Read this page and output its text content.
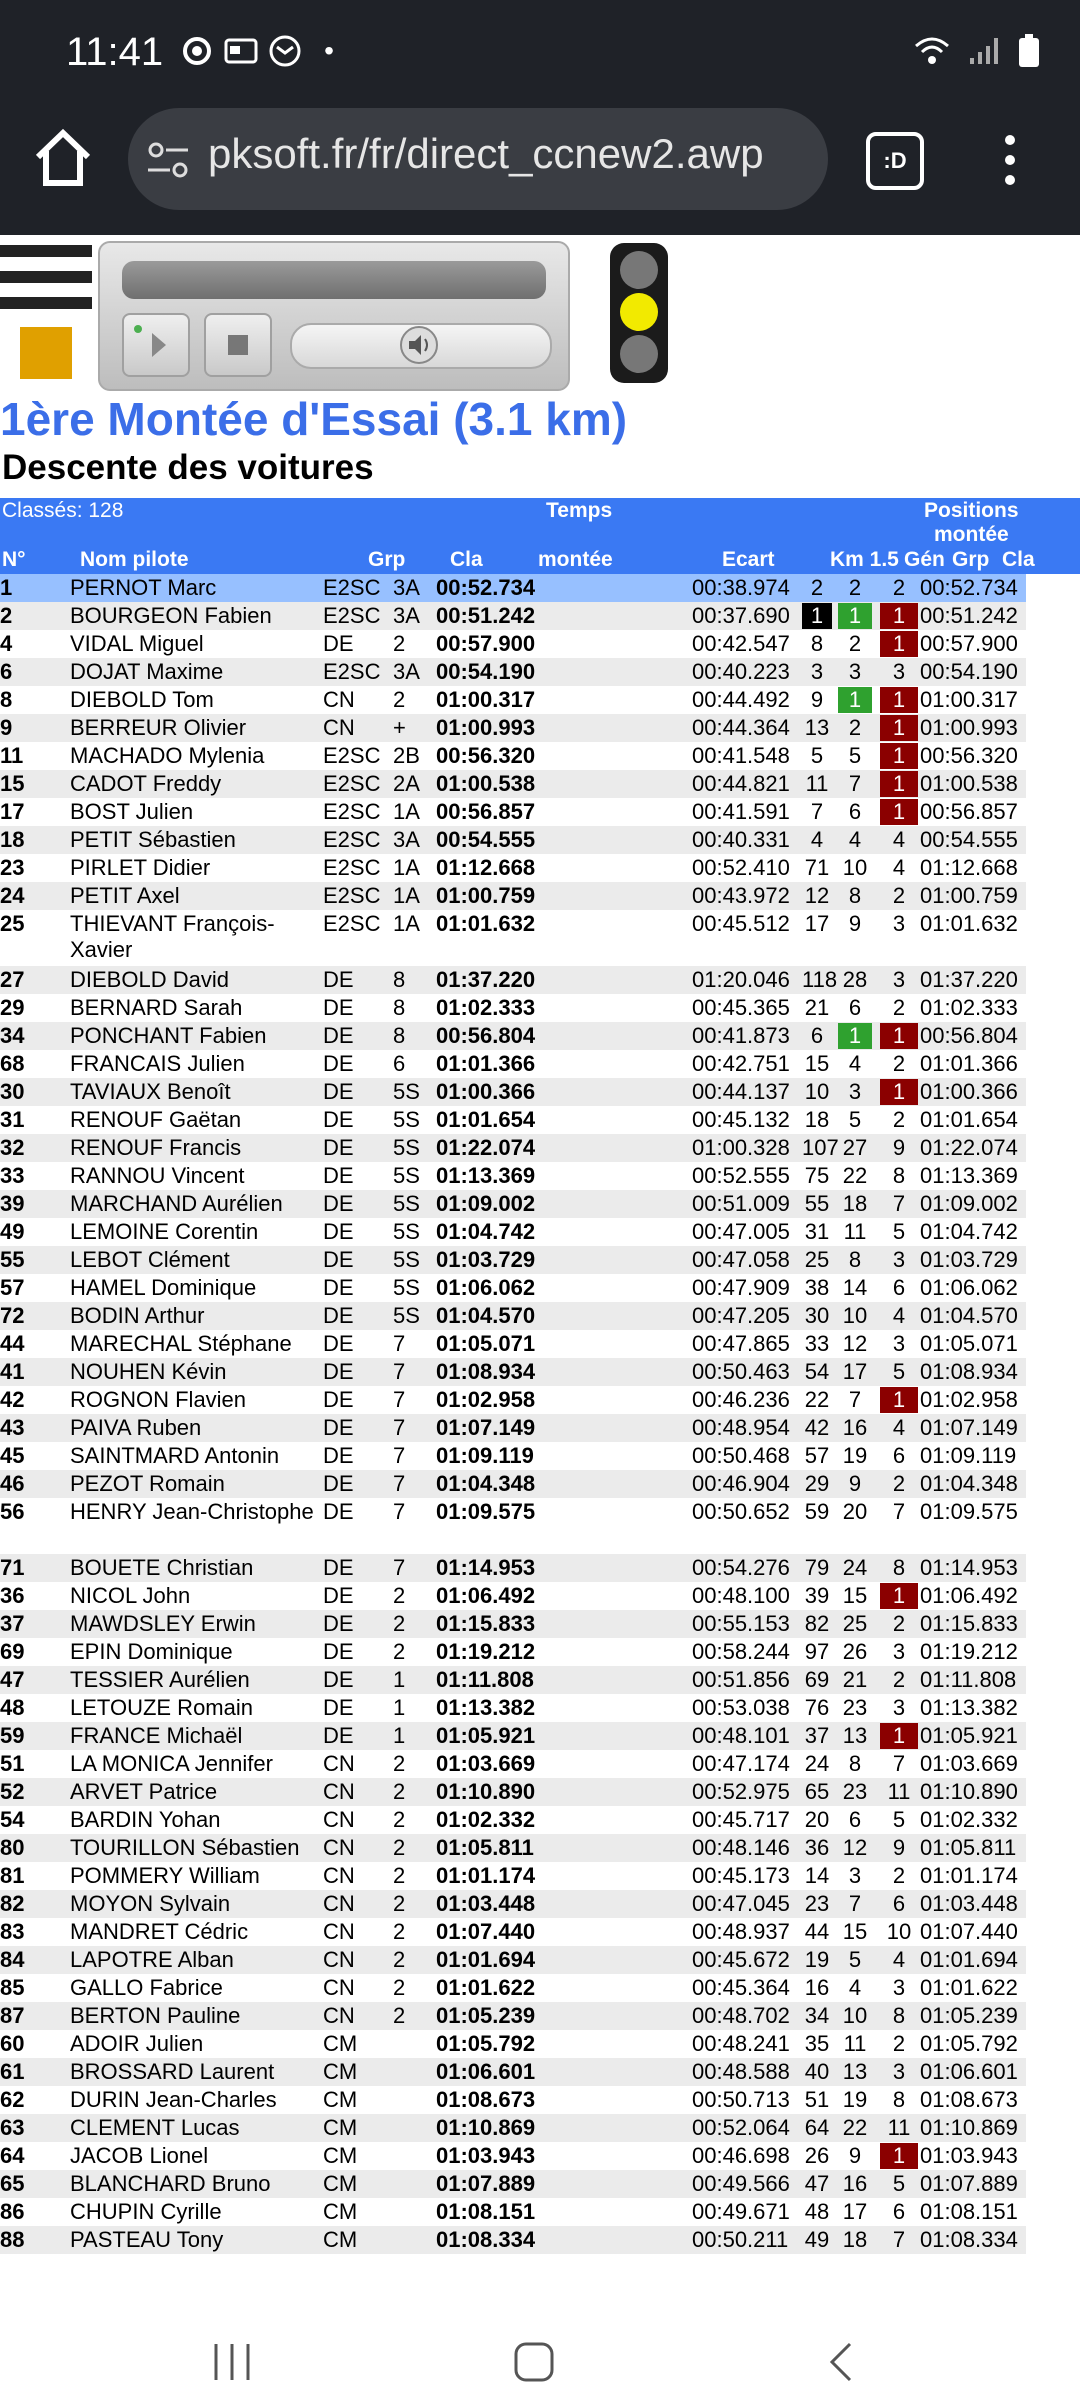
11:41	•
pksoft.fr/fr/direct_ccnew2.awp	:D
1ère Montée d'Essai (3.1 km)
Descente des voitures
Classés: 128	Temps	Positions
montée
N°	Nom pilote	Grp Cla	montée	Ecart	Km 1.5 Gén Grp Cla
1	PERNOT Marc	E2SC 3A 00:52.734	00:38.974 2	2	2 00:52.734
2	BOURGEON Fabien	E2SC 3A 00:51.242	00:37.690 1	1	1 00:51.242
4	VIDAL Miguel	DE 2 00:57.900	00:42.547 8	2	1 00:57.900
6	DOJAT Maxime	E2SC 3A 00:54.190	00:40.223 3	3	3 00:54.190
8	DIEBOLD Tom	CN 2 01:00.317	00:44.492 9	1	1 01:00.317
9	BERREUR Olivier	CN + 01:00.993	00:44.364 13 2	1 01:00.993
11	MACHADO Mylenia	E2SC 2B 00:56.320	00:41.548 5	5	1 00:56.320
15	CADOT Freddy	E2SC 2A 01:00.538	00:44.821 11 7	1 01:00.538
17	BOST Julien	E2SC 1A 00:56.857	00:41.591 7	6	1 00:56.857
18	PETIT Sébastien	E2SC 3A 00:54.555	00:40.331 4	4	4 00:54.555
23	PIRLET Didier	E2SC 1A 01:12.668	00:52.410 71 10	4 01:12.668
24	PETIT Axel	E2SC 1A 01:00.759	00:43.972 12 8	2 01:00.759
25	THIEVANT François-Xavier
E2SC 1A 01:01.632	00:45.512 17 9	3 01:01.632
27	DIEBOLD David	DE 8 01:37.220	01:20.046 118 28	3 01:37.220
29	BERNARD Sarah	DE 8 01:02.333	00:45.365 21 6	2 01:02.333
34	PONCHANT Fabien	DE 8 00:56.804	00:41.873 6	1	1 00:56.804
68	FRANCAIS Julien	DE 6 01:01.366	00:42.751 15 4	2 01:01.366
30	TAVIAUX Benoît	DE 5S 01:00.366	00:44.137 10 3	1 01:00.366
31	RENOUF Gaëtan	DE 5S 01:01.654	00:45.132 18 5	2 01:01.654
32	RENOUF Francis	DE 5S 01:22.074	01:00.328 107 27	9 01:22.074
33	RANNOU Vincent	DE 5S 01:13.369	00:52.555 75 22	8 01:13.369
39	MARCHAND Aurélien	DE 5S 01:09.002	00:51.009 55 18	7 01:09.002
49	LEMOINE Corentin	DE 5S 01:04.742	00:47.005 31 11	5 01:04.742
55	LEBOT Clément	DE 5S 01:03.729	00:47.058 25 8	3 01:03.729
57	HAMEL Dominique	DE 5S 01:06.062	00:47.909 38 14	6 01:06.062
72	BODIN Arthur	DE 5S 01:04.570	00:47.205 30 10	4 01:04.570
44	MARECHAL Stéphane	DE 7 01:05.071	00:47.865 33 12	3 01:05.071
41	NOUHEN Kévin	DE 7 01:08.934	00:50.463 54 17	5 01:08.934
42	ROGNON Flavien	DE 7 01:02.958	00:46.236 22 7	1 01:02.958
43	PAIVA Ruben	DE 7 01:07.149	00:48.954 42 16	4 01:07.149
45	SAINTMARD Antonin	DE 7 01:09.119	00:50.468 57 19	6 01:09.119
46	PEZOT Romain	DE 7 01:04.348	00:46.904 29 9	2 01:04.348
56	HENRY Jean-Christophe DE 7 01:09.575	00:50.652 59 20	7 01:09.575
71	BOUETE Christian	DE 7 01:14.953	00:54.276 79 24	8 01:14.953
36	NICOL John	DE 2 01:06.492	00:48.100 39 15	1 01:06.492
37	MAWDSLEY Erwin	DE 2 01:15.833	00:55.153 82 25	2 01:15.833
69	EPIN Dominique	DE 2 01:19.212	00:58.244 97 26	3 01:19.212
47	TESSIER Aurélien	DE 1 01:11.808	00:51.856 69 21	2 01:11.808
48	LETOUZE Romain	DE 1 01:13.382	00:53.038 76 23	3 01:13.382
59	FRANCE Michaël	DE 1 01:05.921	00:48.101 37 13	1 01:05.921
51	LA MONICA Jennifer	CN 2 01:03.669	00:47.174 24 8	7 01:03.669
52	ARVET Patrice	CN 2 01:10.890	00:52.975 65 23 11 01:10.890
54	BARDIN Yohan	CN 2 01:02.332	00:45.717 20 6	5 01:02.332
80	TOURILLON Sébastien	CN 2 01:05.811	00:48.146 36 12	9 01:05.811
81	POMMERY William	CN 2 01:01.174	00:45.173 14 3	2 01:01.174
82	MOYON Sylvain	CN 2 01:03.448	00:47.045 23 7	6 01:03.448
83	MANDRET Cédric	CN 2 01:07.440	00:48.937 44 15 10 01:07.440
84	LAPOTRE Alban	CN 2 01:01.694	00:45.672 19 5	4 01:01.694
85	GALLO Fabrice	CN 2 01:01.622	00:45.364 16 4	3 01:01.622
87	BERTON Pauline	CN 2 01:05.239	00:48.702 34 10	8 01:05.239
60	ADOIR Julien	CM	01:05.792	00:48.241 35 11	2 01:05.792
61	BROSSARD Laurent	CM	01:06.601	00:48.588 40 13	3 01:06.601
62	DURIN Jean-Charles	CM	01:08.673	00:50.713 51 19	8 01:08.673
63	CLEMENT Lucas	CM	01:10.869	00:52.064 64 22 11 01:10.869
64	JACOB Lionel	CM	01:03.943	00:46.698 26 9	1 01:03.943
65	BLANCHARD Bruno	CM	01:07.889	00:49.566 47 16	5 01:07.889
86	CHUPIN Cyrille	CM	01:08.151	00:49.671 48 17	6 01:08.151
88	PASTEAU Tony	CM	01:08.334	00:50.211 49 18	7 01:08.334
